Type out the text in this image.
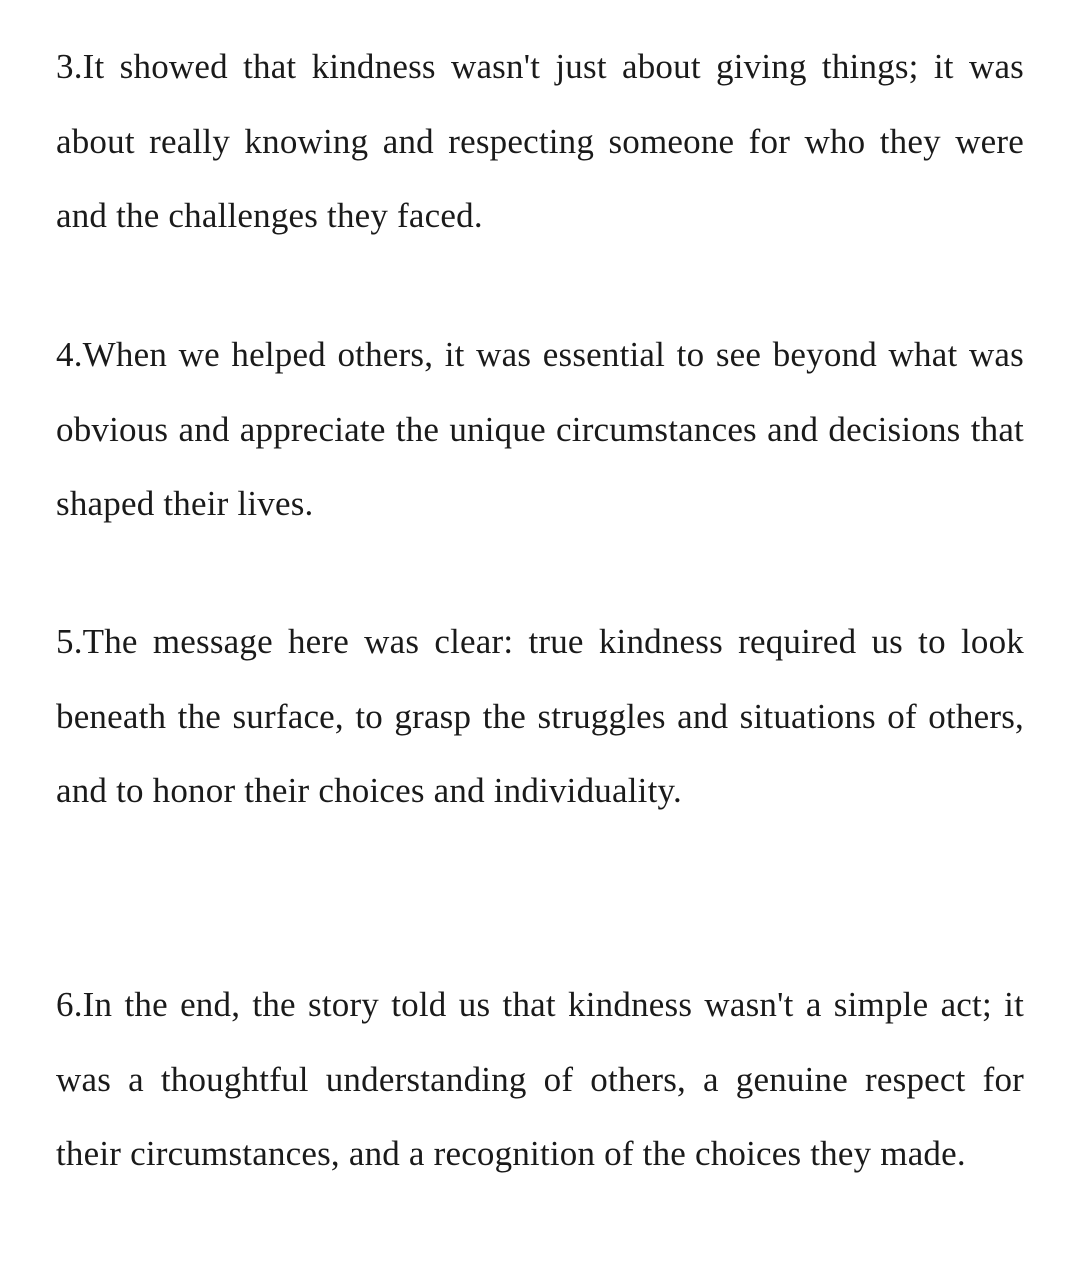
3.It showed that kindness wasn't just about giving things; it was about really knowing and respecting someone for who they were and the challenges they faced.

4.When we helped others, it was essential to see beyond what was obvious and appreciate the unique circumstances and decisions that shaped their lives.

5.The message here was clear: true kindness required us to look beneath the surface, to grasp the struggles and situations of others, and to honor their choices and individuality.

6.In the end, the story told us that kindness wasn't a simple act; it was a thoughtful understanding of others, a genuine respect for their circumstances, and a recognition of the choices they made.
